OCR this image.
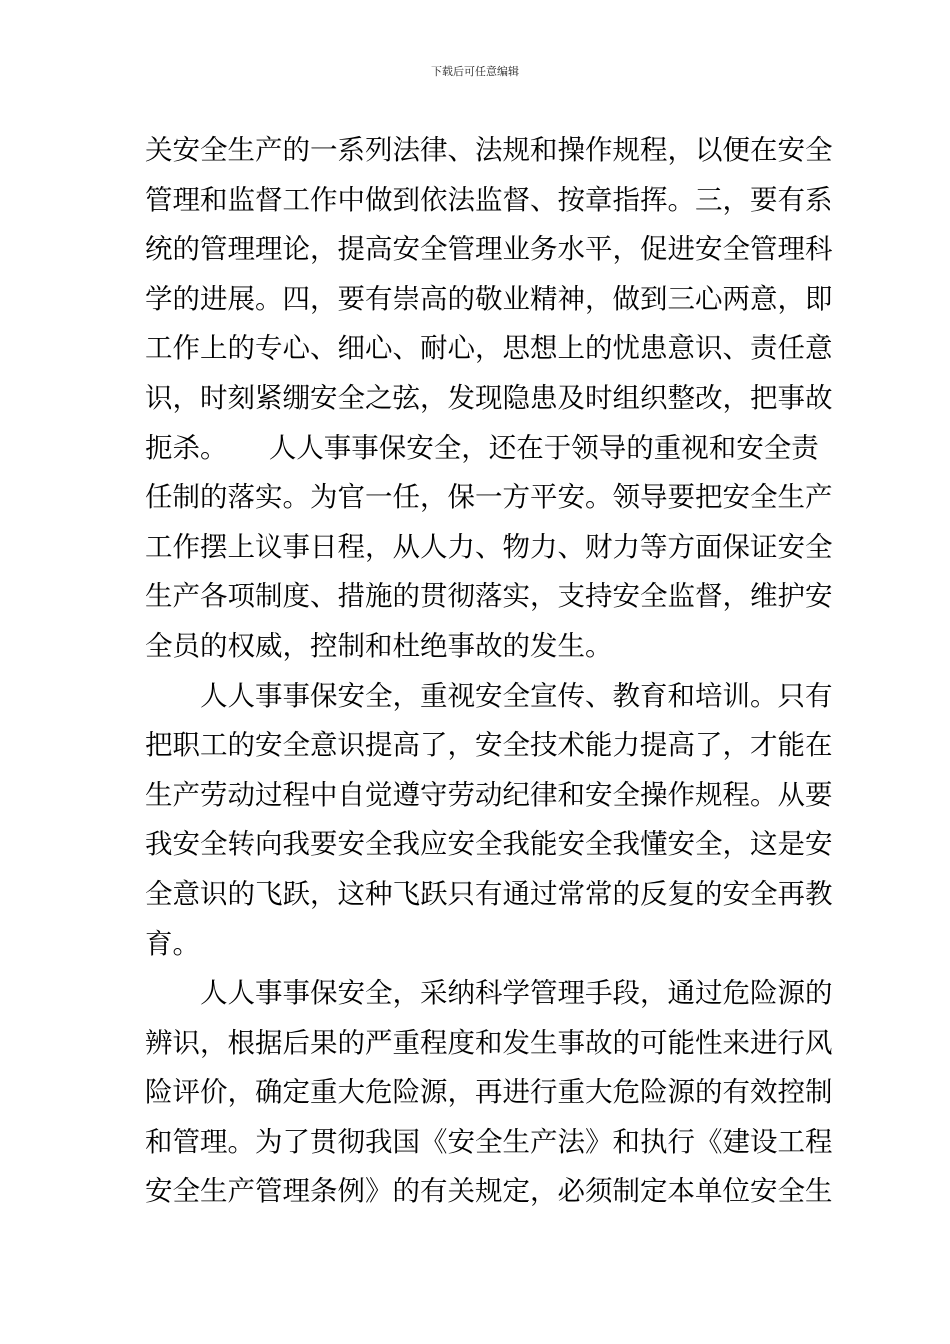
下载后可任意编辑
关安全生产的一系列法律、法规和操作规程，以便在安全
管理和监督工作中做到依法监督、按章指挥。三，要有系
统的管理理论，提高安全管理业务水平，促进安全管理科
学的进展。四，要有崇高的敬业精神，做到三心两意，即
工作上的专心、细心、耐心，思想上的忧患意识、责任意
识，时刻紧绷安全之弦，发现隐患及时组织整改，把事故
扼杀。　　人人事事保安全，还在于领导的重视和安全责
任制的落实。为官一任，保一方平安。领导要把安全生产
工作摆上议事日程，从人力、物力、财力等方面保证安全
生产各项制度、措施的贯彻落实，支持安全监督，维护安
全员的权威，控制和杜绝事故的发生。
人人事事保安全，重视安全宣传、教育和培训。只有
把职工的安全意识提高了，安全技术能力提高了，才能在
生产劳动过程中自觉遵守劳动纪律和安全操作规程。从要
我安全转向我要安全我应安全我能安全我懂安全，这是安
全意识的飞跃，这种飞跃只有通过常常的反复的安全再教
育。
人人事事保安全，采纳科学管理手段，通过危险源的
辨识，根据后果的严重程度和发生事故的可能性来进行风
险评价，确定重大危险源，再进行重大危险源的有效控制
和管理。为了贯彻我国《安全生产法》和执行《建设工程
安全生产管理条例》的有关规定，必须制定本单位安全生
